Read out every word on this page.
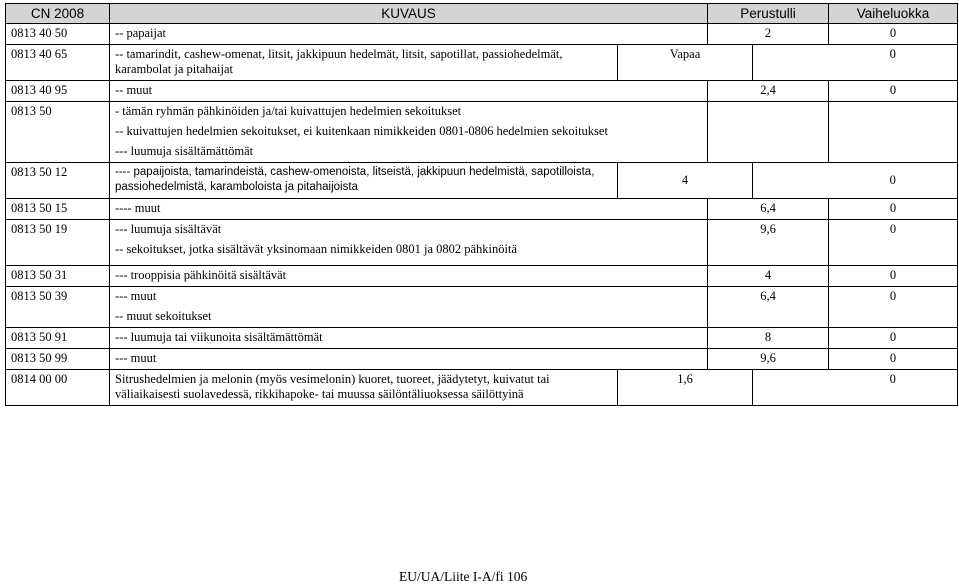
CN 2008	KUVAUS		Perustulli		Vaiheluokka
0813 40 50	-- papaijat		2		0
0813 40 65	-- tamarindit, cashew-omenat, litsit, jakkipuun hedelmät, litsit, sapotillat, passiohedelmät, karambolat ja pitahaijat	Vapaa			0
0813 40 95	-- muut		2,4		0
0813 50	- tämän ryhmän pähkinöiden ja/tai kuivattujen hedelmien sekoitukset				
	-- kuivattujen hedelmien sekoitukset, ei kuitenkaan nimikkeiden 0801-0806 hedelmien sekoitukset				
	--- luumuja sisältämättömät				
0813 50 12	---- papaijoista, tamarindeistä, cashew-omenoista, litseistä, jakkipuun hedelmistä, sapotilloista, passiohedelmistä, karamboloista ja pitahaijoista	4			0
0813 50 15	---- muut		6,4		0
0813 50 19	--- luumuja sisältävät		9,6		0
	-- sekoitukset, jotka sisältävät yksinomaan nimikkeiden 0801 ja 0802 pähkinöitä				
0813 50 31	--- trooppisia pähkinöitä sisältävät		4		0
0813 50 39	--- muut		6,4		0
	-- muut sekoitukset				
0813 50 91	--- luumuja tai viikunoita sisältämättömät		8		0
0813 50 99	--- muut		9,6		0
0814 00 00	Sitrushedelmien ja melonin (myös vesimelonin) kuoret, tuoreet, jäädytetyt, kuivatut tai väliaikaisesti suolavedessä, rikkihapoke- tai muussa säilöntäliuoksessa säilöttyinä	1,6			0
EU/UA/Liite I-A/fi 106
